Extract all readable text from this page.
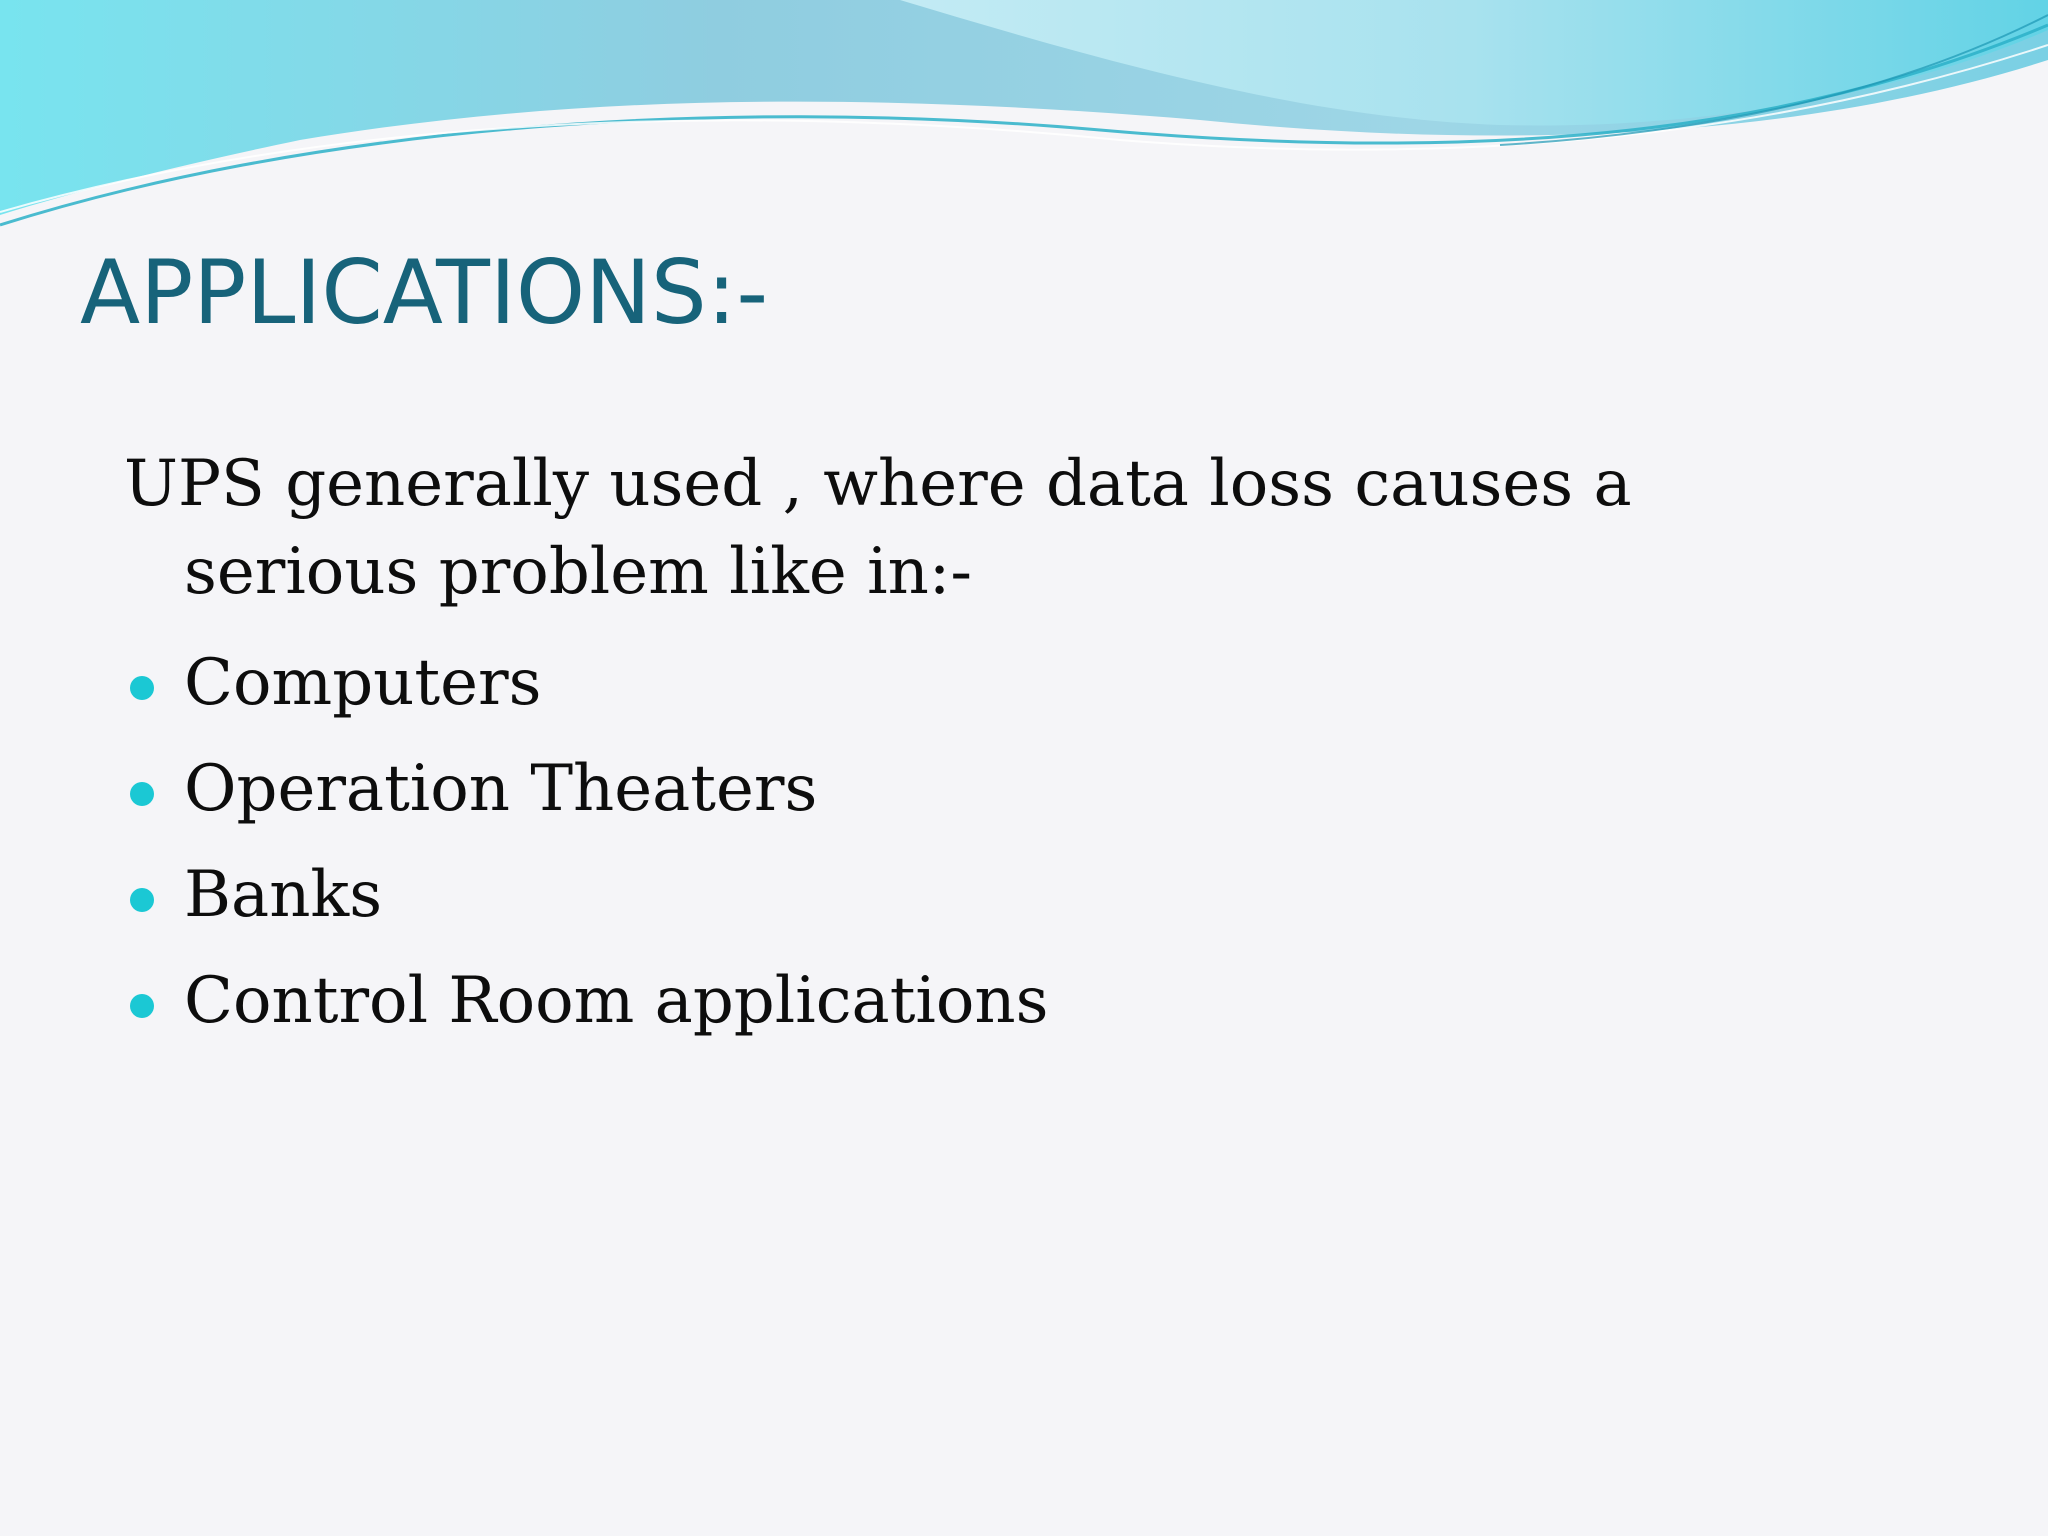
APPLICATIONS:-

UPS generally used , where data loss causes a serious problem like in:-

Computers
Operation Theaters
Banks
Control Room applications
